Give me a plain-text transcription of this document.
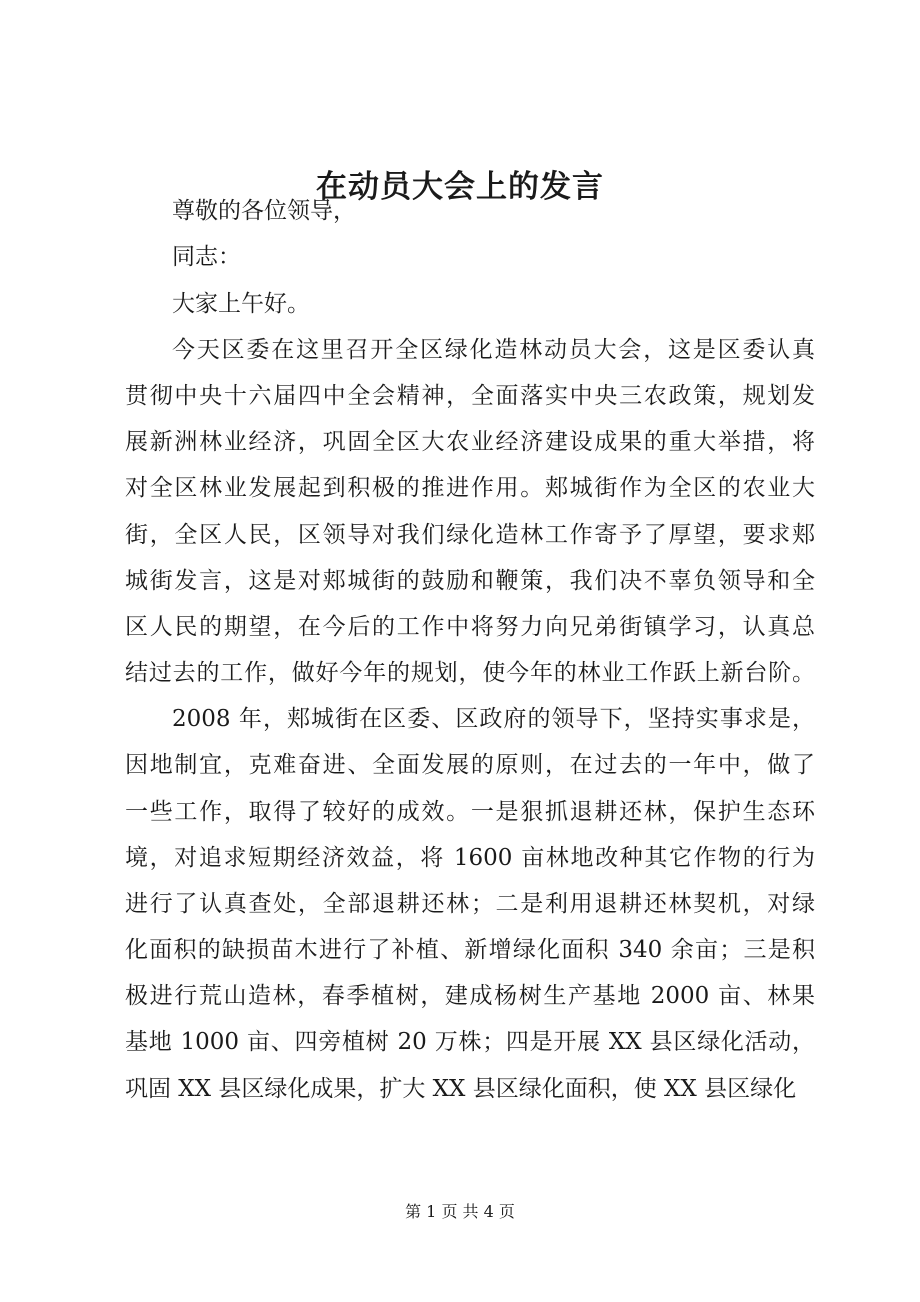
在动员大会上的发言
尊敬的各位领导，
同志：
大家上午好。
今天区委在这里召开全区绿化造林动员大会，这是区委认真
贯彻中央十六届四中全会精神，全面落实中央三农政策，规划发
展新洲林业经济，巩固全区大农业经济建设成果的重大举措，将
对全区林业发展起到积极的推进作用。郏城街作为全区的农业大
街，全区人民，区领导对我们绿化造林工作寄予了厚望，要求郏
城街发言，这是对郏城街的鼓励和鞭策，我们决不辜负领导和全
区人民的期望，在今后的工作中将努力向兄弟街镇学习，认真总
结过去的工作，做好今年的规划，使今年的林业工作跃上新台阶。
2008 年，郏城街在区委、区政府的领导下，坚持实事求是，
因地制宜，克难奋进、全面发展的原则，在过去的一年中，做了
一些工作，取得了较好的成效。一是狠抓退耕还林，保护生态环
境，对追求短期经济效益，将 1600 亩林地改种其它作物的行为
进行了认真查处，全部退耕还林；二是利用退耕还林契机，对绿
化面积的缺损苗木进行了补植、新增绿化面积 340 余亩；三是积
极进行荒山造林，春季植树，建成杨树生产基地 2000 亩、林果
基地 1000 亩、四旁植树 20 万株；四是开展 XX 县区绿化活动，
巩固 XX 县区绿化成果，扩大 XX 县区绿化面积，使 XX 县区绿化
第 1 页 共 4 页
